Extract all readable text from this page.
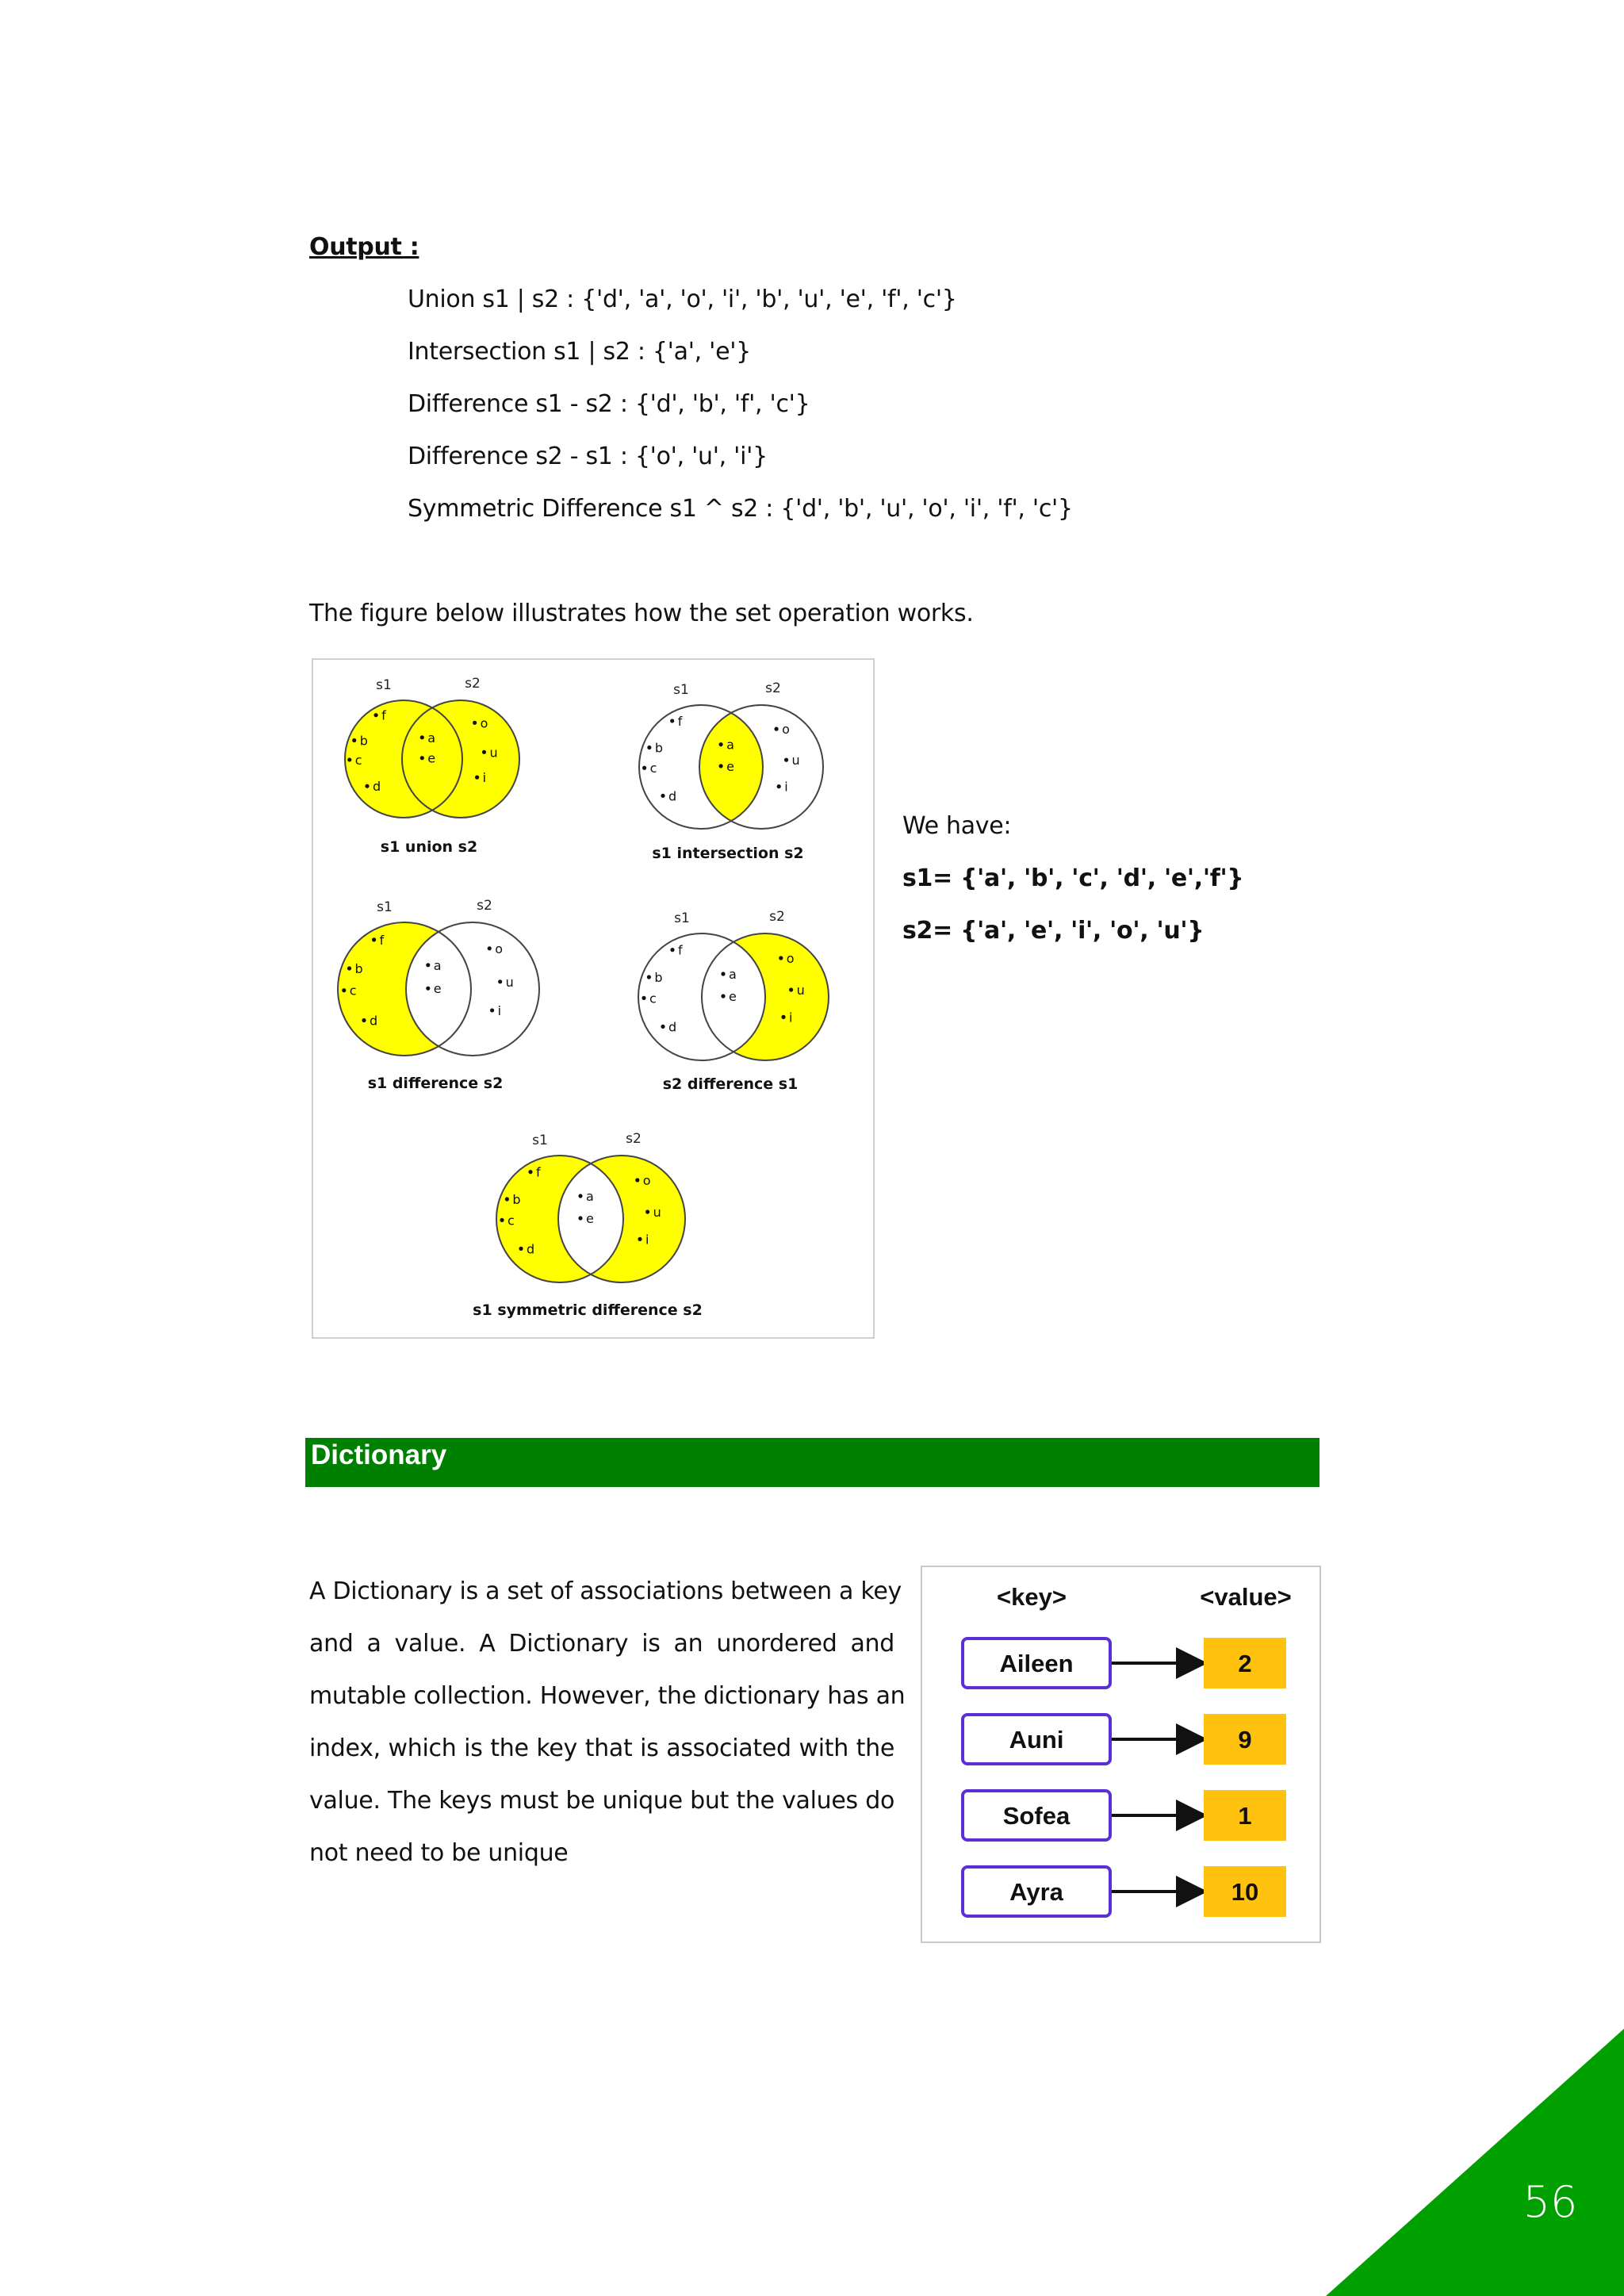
Output :
Union s1 | s2 : {'d', 'a', 'o', 'i', 'b', 'u', 'e', 'f', 'c'}
Intersection s1 | s2 : {'a', 'e'}
Difference s1 - s2 : {'d', 'b', 'f', 'c'}
Difference s2 - s1 : {'o', 'u', 'i'}
Symmetric Difference s1 ^ s2 : {'d', 'b', 'u', 'o', 'i', 'f', 'c'}
The figure below illustrates how the set operation works.
s1	s2
f
b
c
d
a
e
o
u
i
s1 union s2
s1	s2
f
b
c
d
a
e
o
u
i
s1 intersection s2
s1	s2
f
b
c
d
a
e
o
u
i
s1 difference s2
s1	s2
f
b
c
d
a
e
o
u
i
s2 difference s1
s1	s2
f
b
c
d
a
e
o
u
i
s1 symmetric difference s2
We have:
s1= {'a', 'b', 'c', 'd', 'e','f'}
s2= {'a', 'e', 'i', 'o', 'u'}
Dictionary
A Dictionary is a set of associations between a key
and a value. A Dictionary is an unordered and
mutable collection. However, the dictionary has an
index, which is the key that is associated with the
value. The keys must be unique but the values do
not need to be unique
<key>	<value>
Aileen	2
Auni	9
Sofea	1
Ayra	10
56
